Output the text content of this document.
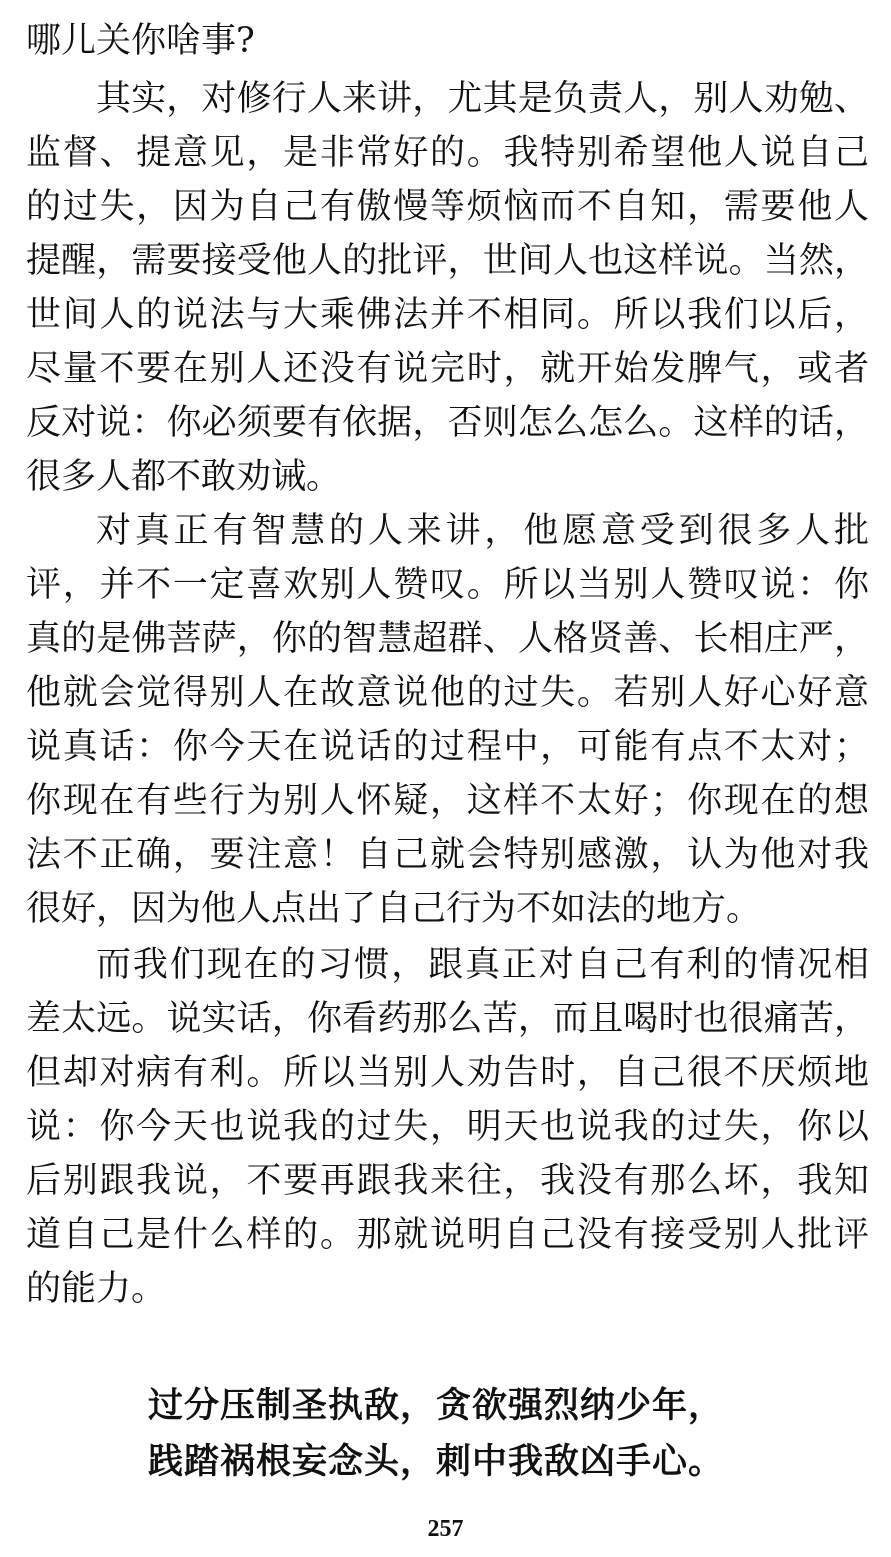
哪儿关你啥事?
其实，对修行人来讲，尤其是负责人，别人劝勉、
监督、提意见，是非常好的。我特别希望他人说自己
的过失，因为自己有傲慢等烦恼而不自知，需要他人
提醒，需要接受他人的批评，世间人也这样说。当然，
世间人的说法与大乘佛法并不相同。所以我们以后，
尽量不要在别人还没有说完时，就开始发脾气，或者
反对说：你必须要有依据，否则怎么怎么。这样的话，
很多人都不敢劝诫。
对真正有智慧的人来讲，他愿意受到很多人批
评，并不一定喜欢别人赞叹。所以当别人赞叹说：你
真的是佛菩萨，你的智慧超群、人格贤善、长相庄严，
他就会觉得别人在故意说他的过失。若别人好心好意
说真话：你今天在说话的过程中，可能有点不太对；
你现在有些行为别人怀疑，这样不太好；你现在的想
法不正确，要注意！自己就会特别感激，认为他对我
很好，因为他人点出了自己行为不如法的地方。
而我们现在的习惯，跟真正对自己有利的情况相
差太远。说实话，你看药那么苦，而且喝时也很痛苦，
但却对病有利。所以当别人劝告时，自己很不厌烦地
说：你今天也说我的过失，明天也说我的过失，你以
后别跟我说，不要再跟我来往，我没有那么坏，我知
道自己是什么样的。那就说明自己没有接受别人批评
的能力。
过分压制圣执敌，贪欲强烈纳少年，
践踏祸根妄念头，刺中我敌凶手心。
257
